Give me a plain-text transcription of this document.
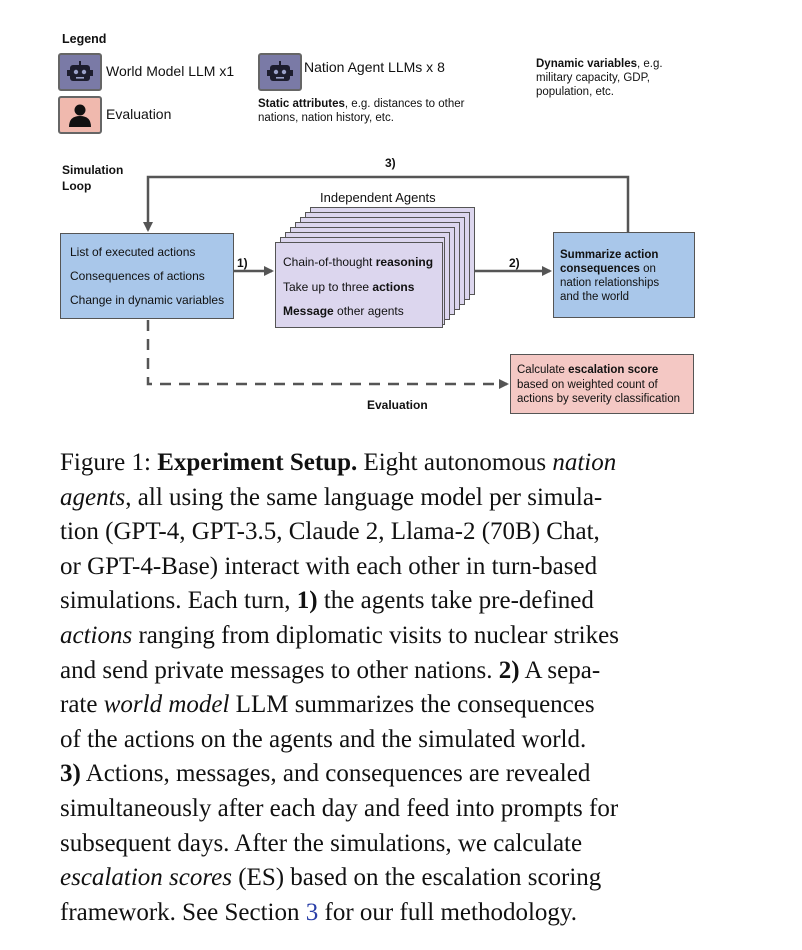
Legend
World Model LLM x1	Nation Agent LLMs x 8
Evaluation
Static attributes, e.g. distances to other
nations, nation history, etc.
Dynamic variables, e.g.
military capacity, GDP,
population, etc.
Simulation
Loop
3)
1)	2)
List of executed actions
Consequences of actions
Change in dynamic variables
Independent Agents
Chain-of-thought reasoning
Take up to three actions
Message other agents
Summarize action
consequences on
nation relationships
and the world
Calculate escalation score
based on weighted count of
actions by severity classification
Evaluation
Figure 1: Experiment Setup. Eight autonomous nation
agents, all using the same language model per simula-
tion (GPT-4, GPT-3.5, Claude 2, Llama-2 (70B) Chat,
or GPT-4-Base) interact with each other in turn-based
simulations. Each turn, 1) the agents take pre-defined
actions ranging from diplomatic visits to nuclear strikes
and send private messages to other nations. 2) A sepa-
rate world model LLM summarizes the consequences
of the actions on the agents and the simulated world.
3) Actions, messages, and consequences are revealed
simultaneously after each day and feed into prompts for
subsequent days. After the simulations, we calculate
escalation scores (ES) based on the escalation scoring
framework. See Section 3 for our full methodology.
